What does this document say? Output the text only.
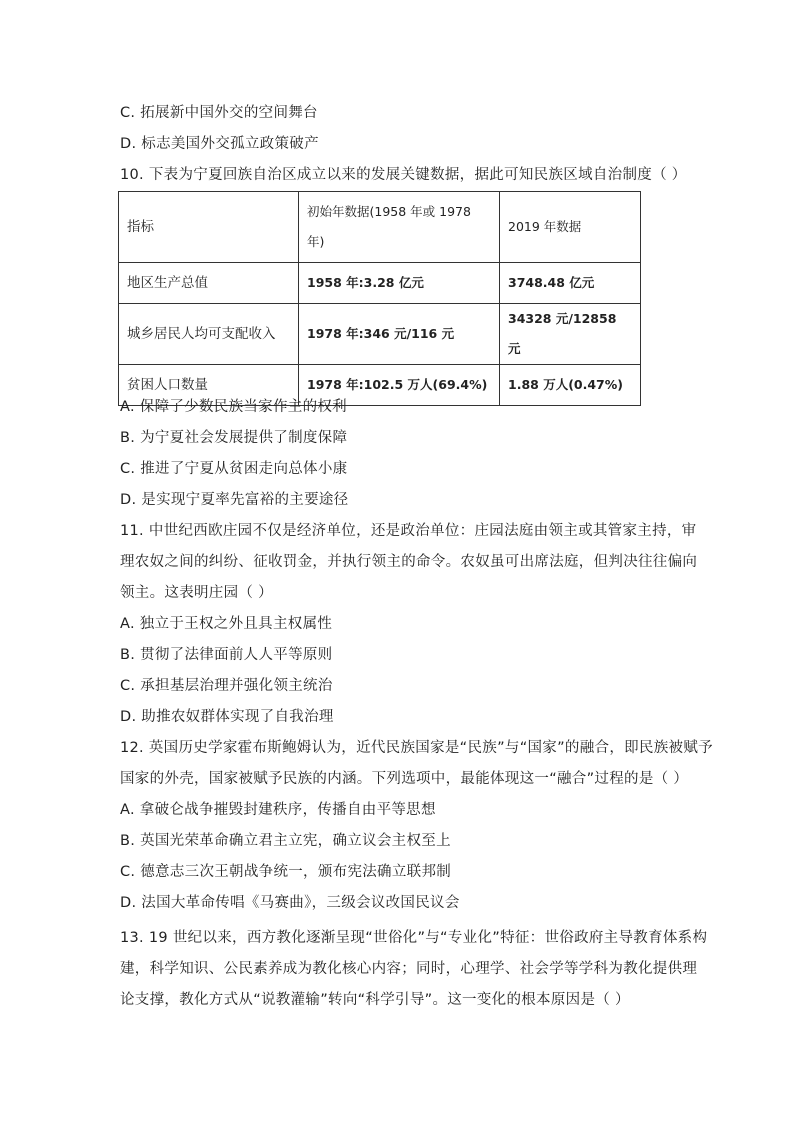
C. 拓展新中国外交的空间舞台
D. 标志美国外交孤立政策破产
10. 下表为宁夏回族自治区成立以来的发展关键数据，据此可知民族区域自治制度（ ）
指标	初始年数据(1958 年或 1978 年)	2019 年数据
地区生产总值	1958 年:3.28 亿元	3748.48 亿元
城乡居民人均可支配收入	1978 年:346 元/116 元	34328 元/12858 元
贫困人口数量	1978 年:102.5 万人(69.4%)	1.88 万人(0.47%)
A. 保障了少数民族当家作主的权利
B. 为宁夏社会发展提供了制度保障
C. 推进了宁夏从贫困走向总体小康
D. 是实现宁夏率先富裕的主要途径
11. 中世纪西欧庄园不仅是经济单位，还是政治单位：庄园法庭由领主或其管家主持，审
理农奴之间的纠纷、征收罚金，并执行领主的命令。农奴虽可出席法庭，但判决往往偏向
领主。这表明庄园（ ）
A. 独立于王权之外且具主权属性
B. 贯彻了法律面前人人平等原则
C. 承担基层治理并强化领主统治
D. 助推农奴群体实现了自我治理
12. 英国历史学家霍布斯鲍姆认为，近代民族国家是“民族”与“国家”的融合，即民族被赋予
国家的外壳，国家被赋予民族的内涵。下列选项中，最能体现这一“融合”过程的是（ ）
A. 拿破仑战争摧毁封建秩序，传播自由平等思想
B. 英国光荣革命确立君主立宪，确立议会主权至上
C. 德意志三次王朝战争统一，颁布宪法确立联邦制
D. 法国大革命传唱《马赛曲》，三级会议改国民议会
13. 19 世纪以来，西方教化逐渐呈现“世俗化”与“专业化”特征：世俗政府主导教育体系构
建，科学知识、公民素养成为教化核心内容；同时，心理学、社会学等学科为教化提供理
论支撑，教化方式从“说教灌输”转向“科学引导”。这一变化的根本原因是（ ）
